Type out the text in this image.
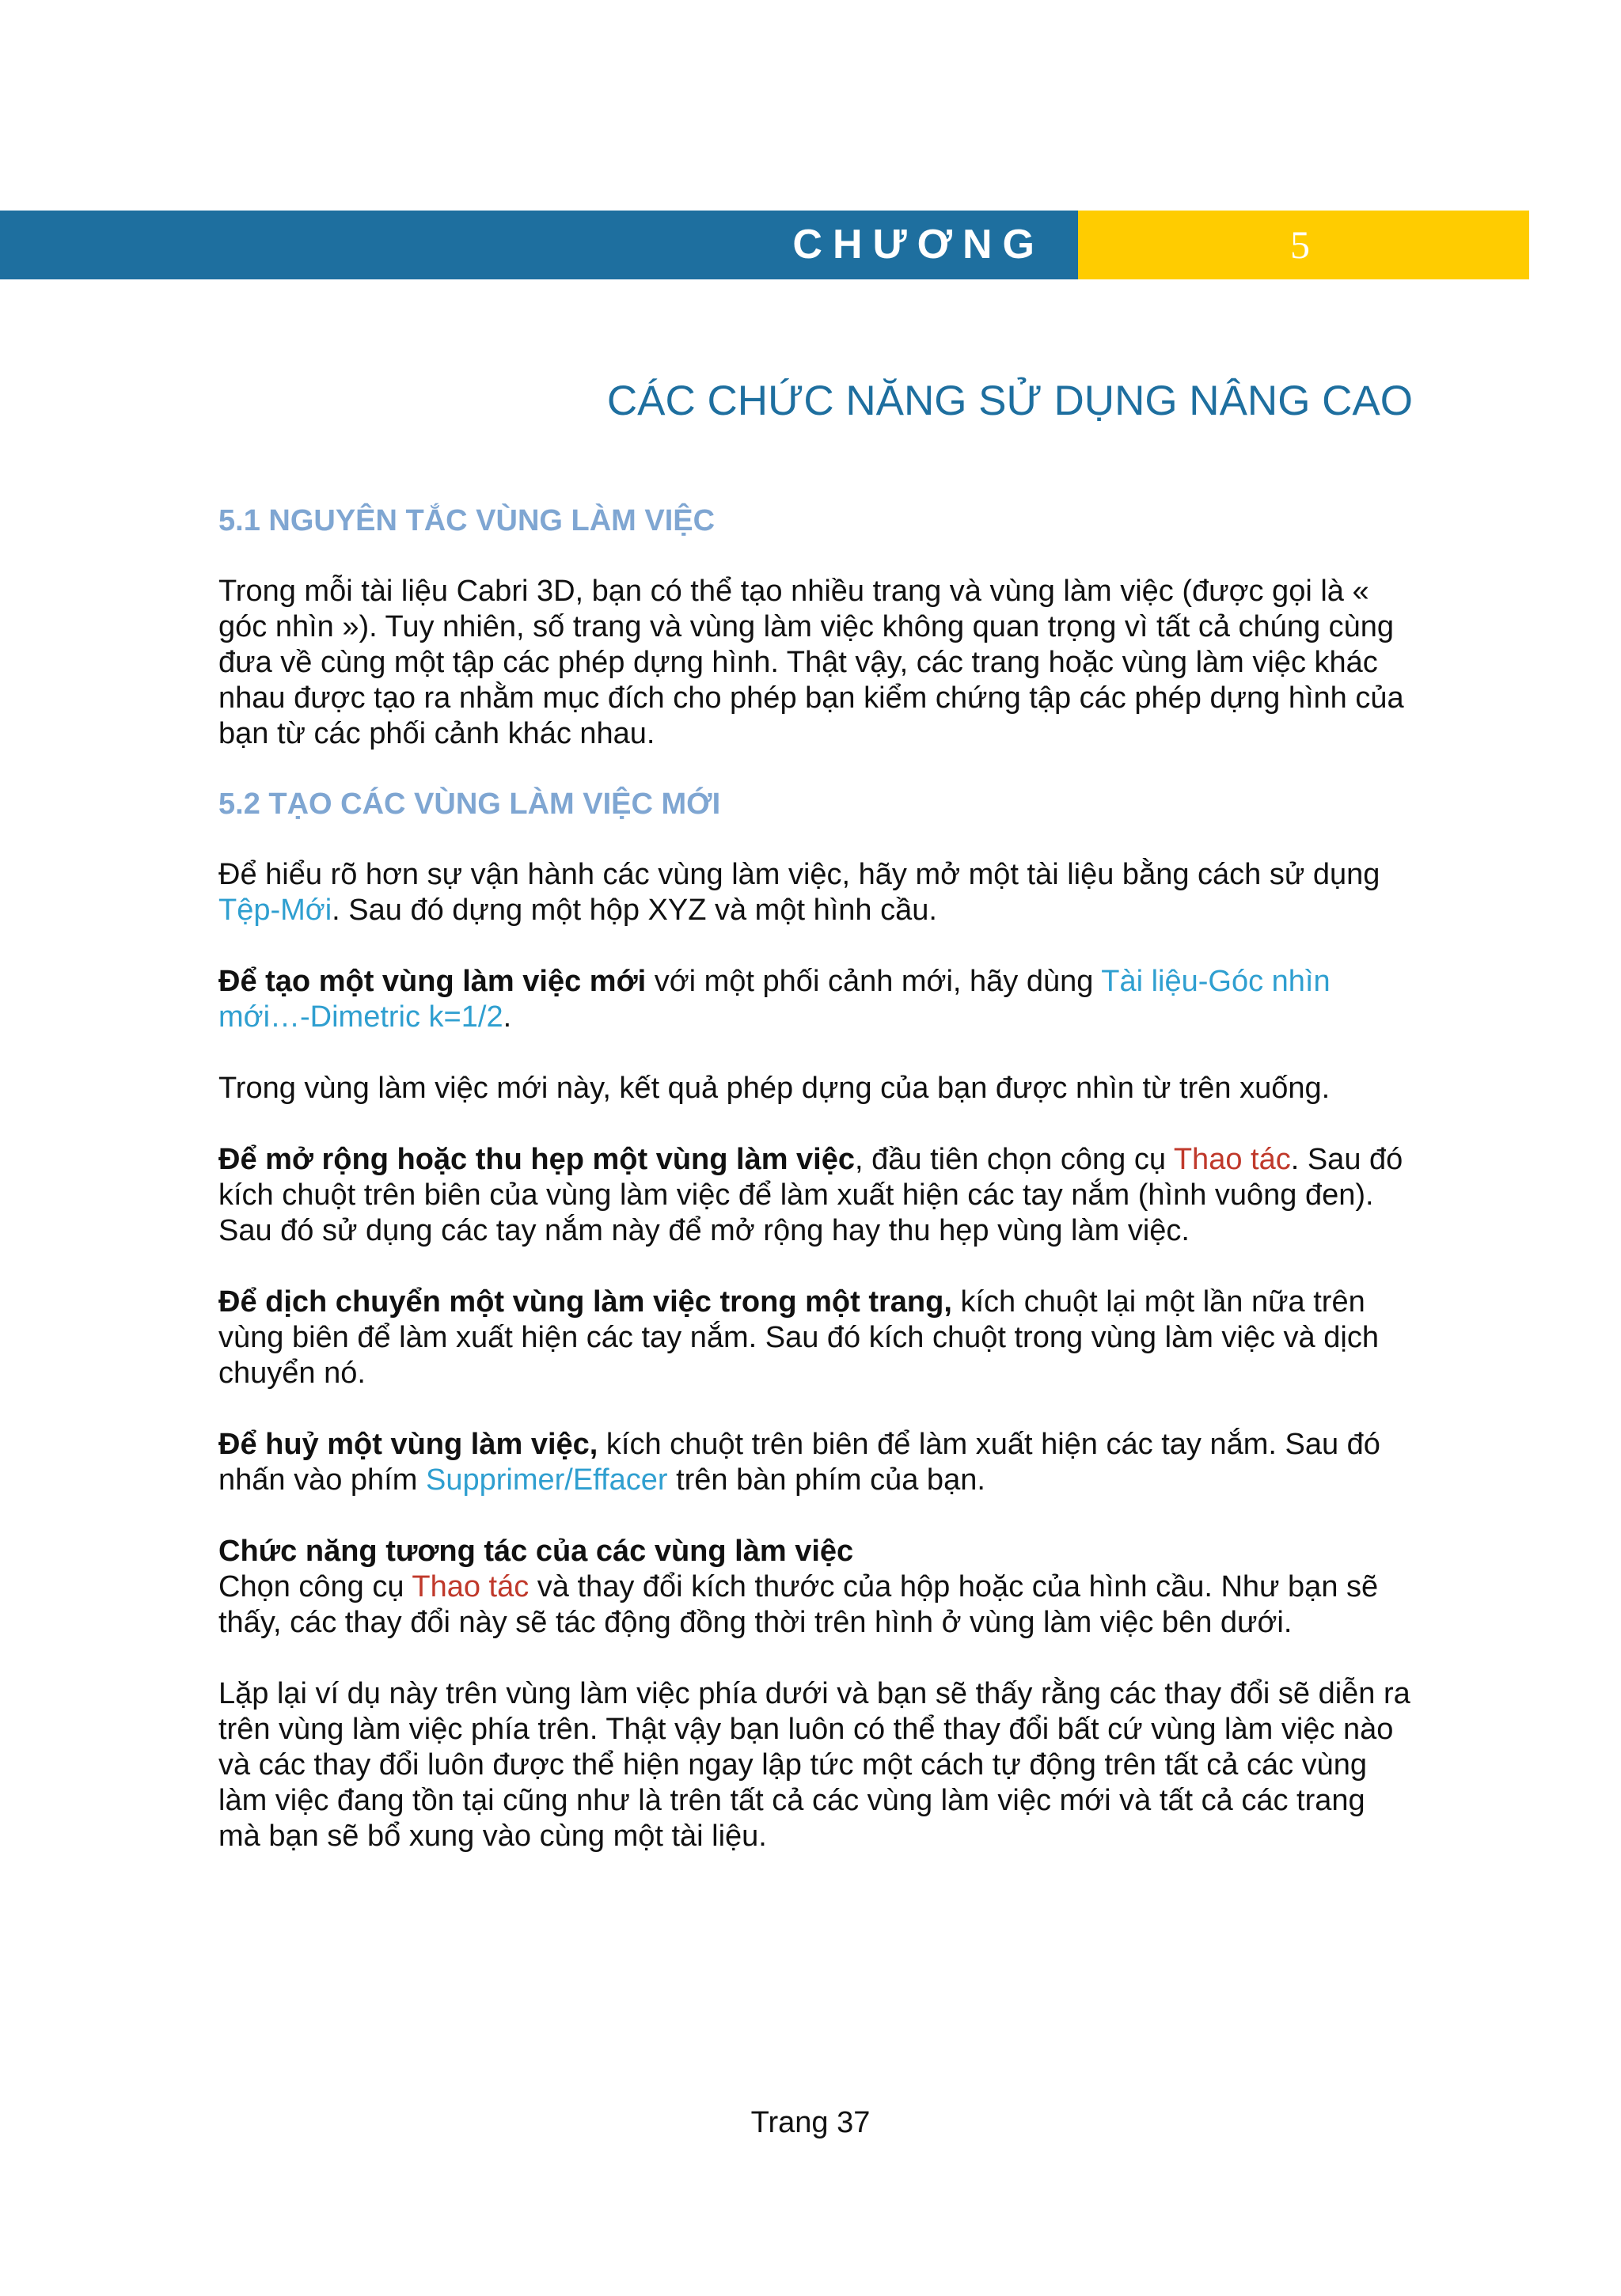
CHƯƠNG	5
CÁC CHỨC NĂNG SỬ DỤNG NÂNG CAO
5.1 NGUYÊN TẮC VÙNG LÀM VIỆC

Trong mỗi tài liệu Cabri 3D, bạn có thể tạo nhiều trang và vùng làm việc (được gọi là « góc nhìn »). Tuy nhiên, số trang và vùng làm việc không quan trọng vì tất cả chúng cùng đưa về cùng một tập các phép dựng hình. Thật vậy, các trang hoặc vùng làm việc khác nhau được tạo ra nhằm mục đích cho phép bạn kiểm chứng tập các phép dựng hình của bạn từ các phối cảnh khác nhau.

5.2 TẠO CÁC VÙNG LÀM VIỆC MỚI

Để hiểu rõ hơn sự vận hành các vùng làm việc, hãy mở một tài liệu bằng cách sử dụng Tệp-Mới. Sau đó dựng một hộp XYZ và một hình cầu.

Để tạo một vùng làm việc mới với một phối cảnh mới, hãy dùng Tài liệu-Góc nhìn mới…-Dimetric k=1/2.

Trong vùng làm việc mới này, kết quả phép dựng của bạn được nhìn từ trên xuống.

Để mở rộng hoặc thu hẹp một vùng làm việc, đầu tiên chọn công cụ Thao tác. Sau đó kích chuột trên biên của vùng làm việc để làm xuất hiện các tay nắm (hình vuông đen). Sau đó sử dụng các tay nắm này để mở rộng hay thu hẹp vùng làm việc.

Để dịch chuyển một vùng làm việc trong một trang, kích chuột lại một lần nữa trên vùng biên để làm xuất hiện các tay nắm. Sau đó kích chuột trong vùng làm việc và dịch chuyển nó.

Để huỷ một vùng làm việc, kích chuột trên biên để làm xuất hiện các tay nắm. Sau đó nhấn vào phím Supprimer/Effacer trên bàn phím của bạn.

Chức năng tương tác của các vùng làm việc
Chọn công cụ Thao tác và thay đổi kích thước của hộp hoặc của hình cầu. Như bạn sẽ thấy, các thay đổi này sẽ tác động đồng thời trên hình ở vùng làm việc bên dưới.

Lặp lại ví dụ này trên vùng làm việc phía dưới và bạn sẽ thấy rằng các thay đổi sẽ diễn ra trên vùng làm việc phía trên. Thật vậy bạn luôn có thể thay đổi bất cứ vùng làm việc nào và các thay đổi luôn được thể hiện ngay lập tức một cách tự động trên tất cả các vùng làm việc đang tồn tại cũng như là trên tất cả các vùng làm việc mới và tất cả các trang mà bạn sẽ bổ xung vào cùng một tài liệu.

Trang 37
